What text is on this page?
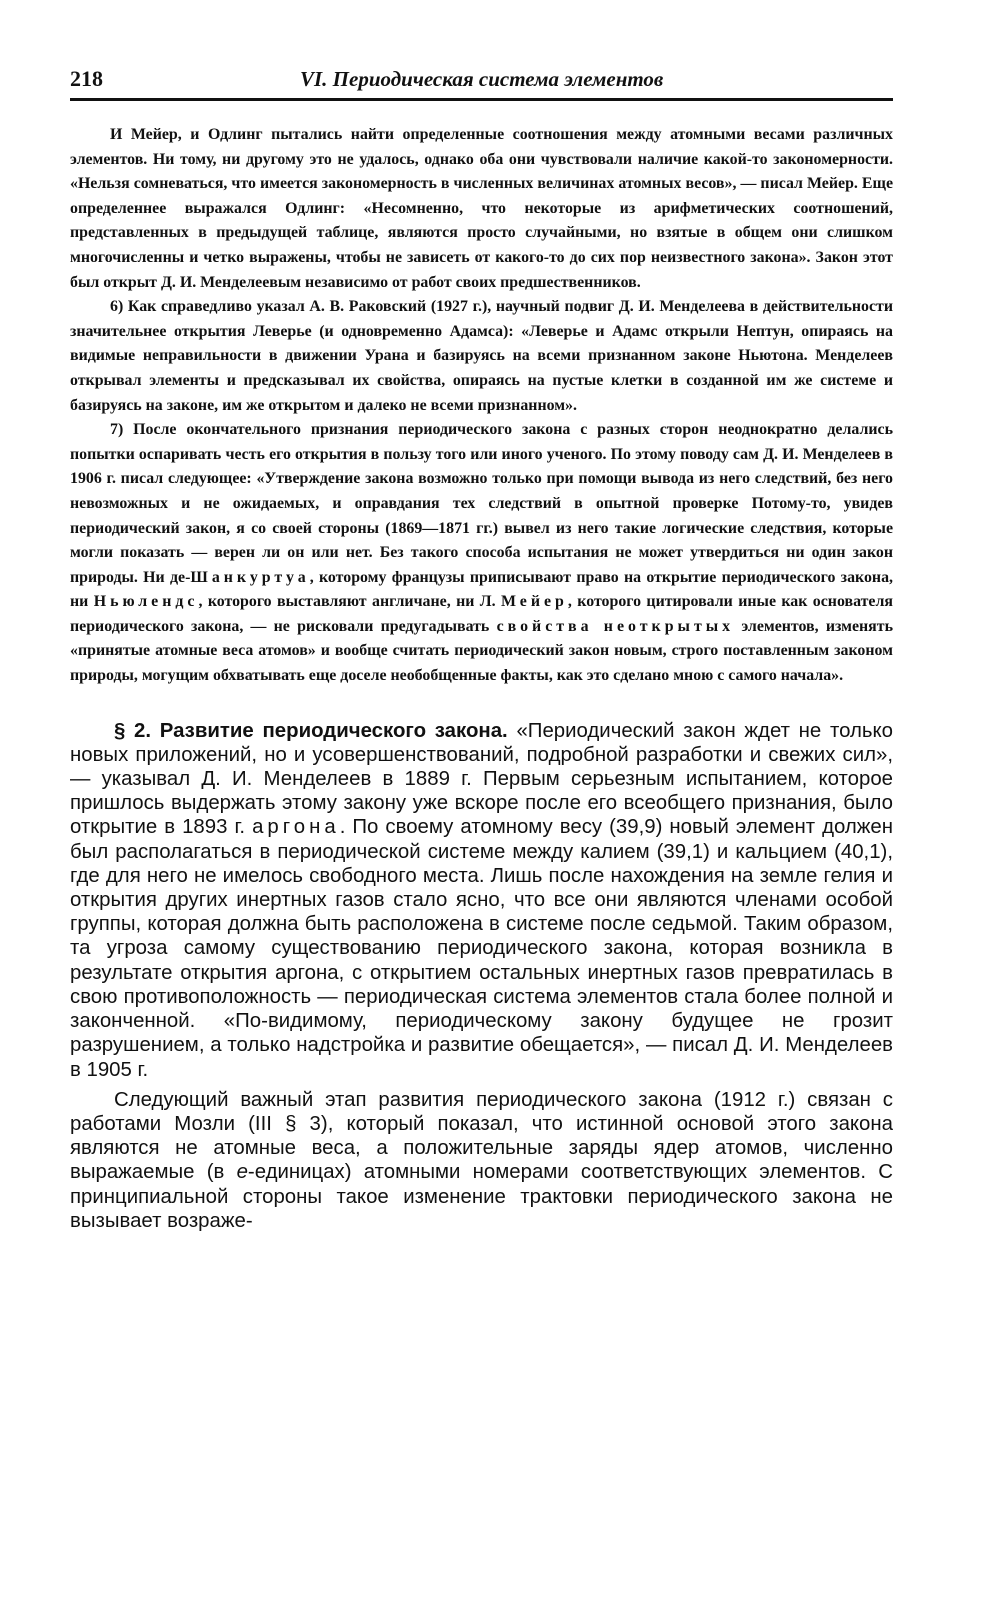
218	VI. Периодическая система элементов

И Мейер, и Одлинг пытались найти определенные соотношения между атомными весами различных элементов. Ни тому, ни другому это не удалось, однако оба они чувствовали наличие какой-то закономерности. «Нельзя сомневаться, что имеется закономерность в численных величинах атомных весов», — писал Мейер. Еще определеннее выражался Одлинг: «Несомненно, что некоторые из арифметических соотношений, представленных в предыдущей таблице, являются просто случайными, но взятые в общем они слишком многочисленны и четко выражены, чтобы не зависеть от какого-то до сих пор неизвестного закона». Закон этот был открыт Д. И. Менделеевым независимо от работ своих предшественников.

6) Как справедливо указал А. В. Раковский (1927 г.), научный подвиг Д. И. Менделеева в действительности значительнее открытия Леверье (и одновременно Адамса): «Леверье и Адамс открыли Нептун, опираясь на видимые неправильности в движении Урана и базируясь на всеми признанном законе Ньютона. Менделеев открывал элементы и предсказывал их свойства, опираясь на пустые клетки в созданной им же системе и базируясь на законе, им же открытом и далеко не всеми признанном».

7) После окончательного признания периодического закона с разных сторон неоднократно делались попытки оспаривать честь его открытия в пользу того или иного ученого. По этому поводу сам Д. И. Менделеев в 1906 г. писал следующее: «Утверждение закона возможно только при помощи вывода из него следствий, без него невозможных и не ожидаемых, и оправдания тех следствий в опытной проверке Потому-то, увидев периодический закон, я со своей стороны (1869—1871 гг.) вывел из него такие логические следствия, которые могли показать — верен ли он или нет. Без такого способа испытания не может утвердиться ни один закон природы. Ни де-Шанкуртуа, которому французы приписывают право на открытие периодического закона, ни Ньюлендс, которого выставляют англичане, ни Л. Мейер, которого цитировали иные как основателя периодического закона, — не рисковали предугадывать свойства неоткрытых элементов, изменять «принятые атомные веса атомов» и вообще считать периодический закон новым, строго поставленным законом природы, могущим обхватывать еще доселе необобщенные факты, как это сделано мною с самого начала».

§ 2. Развитие периодического закона. «Периодический закон ждет не только новых приложений, но и усовершенствований, подробной разработки и свежих сил», — указывал Д. И. Менделеев в 1889 г. Первым серьезным испытанием, которое пришлось выдержать этому закону уже вскоре после его всеобщего признания, было открытие в 1893 г. аргона. По своему атомному весу (39,9) новый элемент должен был располагаться в периодической системе между калием (39,1) и кальцием (40,1), где для него не имелось свободного места. Лишь после нахождения на земле гелия и открытия других инертных газов стало ясно, что все они являются членами особой группы, которая должна быть расположена в системе после седьмой. Таким образом, та угроза самому существованию периодического закона, которая возникла в результате открытия аргона, с открытием остальных инертных газов превратилась в свою противоположность — периодическая система элементов стала более полной и законченной. «По-видимому, периодическому закону будущее не грозит разрушением, а только надстройка и развитие обещается», — писал Д. И. Менделеев в 1905 г.

Следующий важный этап развития периодического закона (1912 г.) связан с работами Мозли (III § 3), который показал, что истинной основой этого закона являются не атомные веса, а положительные заряды ядер атомов, численно выражаемые (в е-единицах) атомными номерами соответствующих элементов. С принципиальной стороны такое изменение трактовки периодического закона не вызывает возраже-
